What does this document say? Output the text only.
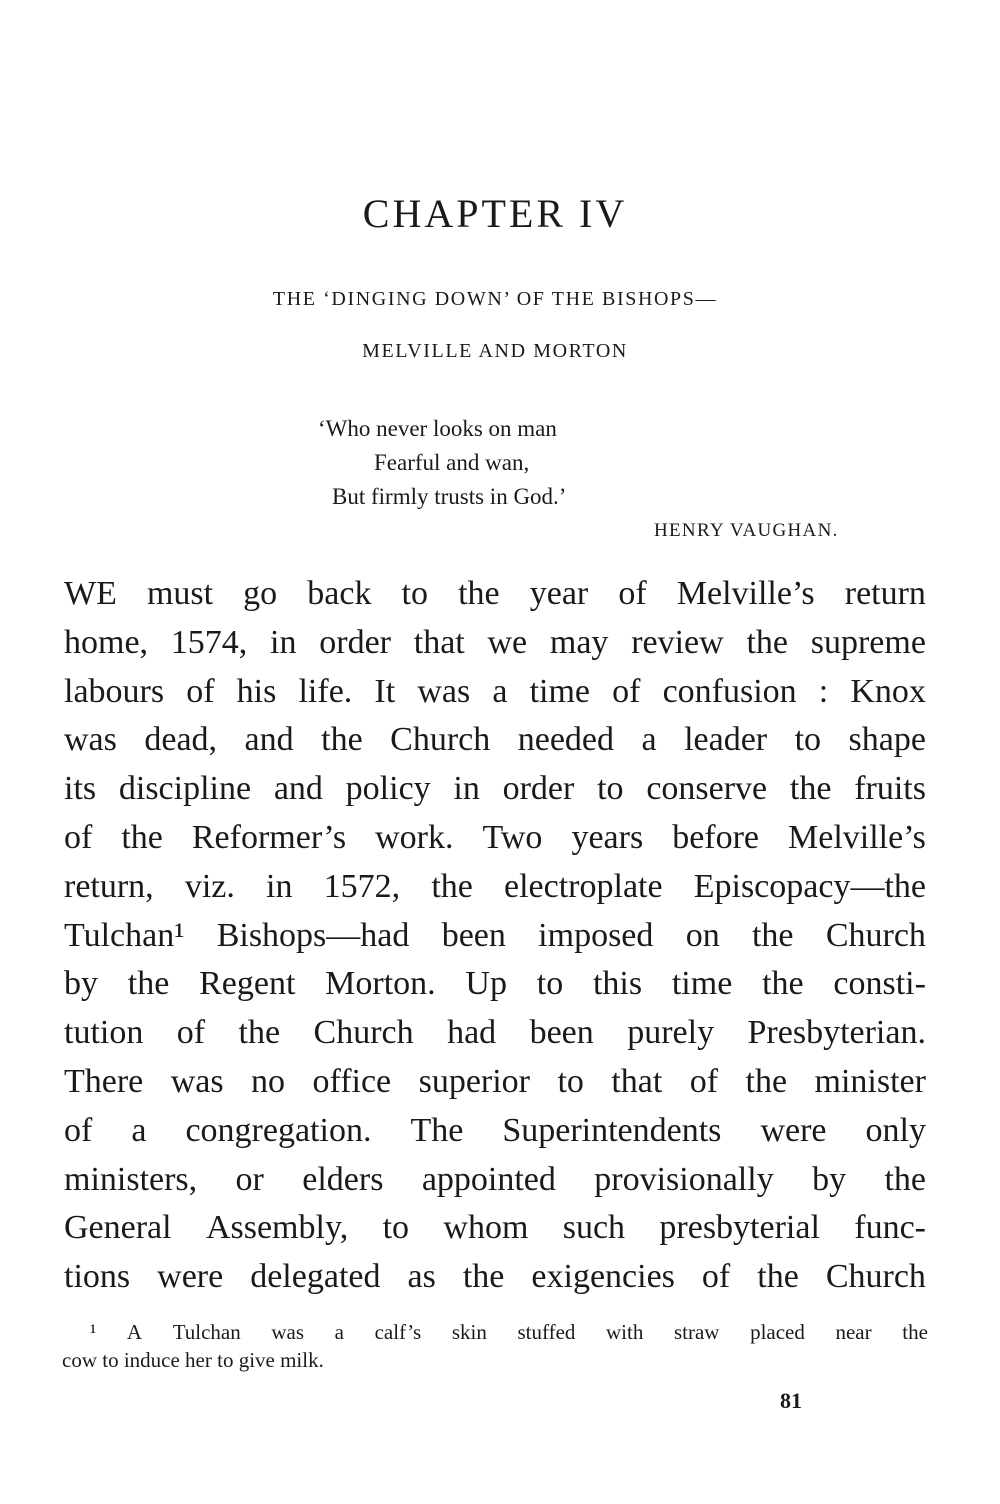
CHAPTER IV

THE ‘DINGING DOWN’ OF THE BISHOPS—

MELVILLE AND MORTON

‘Who never looks on man

Fearful and wan,

But firmly trusts in God.’

HENRY VAUGHAN.

WE must go back to the year of Melville’s return
home, 1574, in order that we may review the supreme
labours of his life. It was a time of confusion : Knox
was dead, and the Church needed a leader to shape
its discipline and policy in order to conserve the fruits
of the Reformer’s work. Two years before Melville’s
return, viz. in 1572, the electroplate Episcopacy—the
Tulchan¹ Bishops—had been imposed on the Church
by the Regent Morton. Up to this time the consti-
tution of the Church had been purely Presbyterian.
There was no office superior to that of the minister
of a congregation. The Superintendents were only
ministers, or elders appointed provisionally by the
General Assembly, to whom such presbyterial func-
tions were delegated as the exigencies of the Church
¹ A Tulchan was a calf’s skin stuffed with straw placed near the
cow to induce her to give milk.

81
